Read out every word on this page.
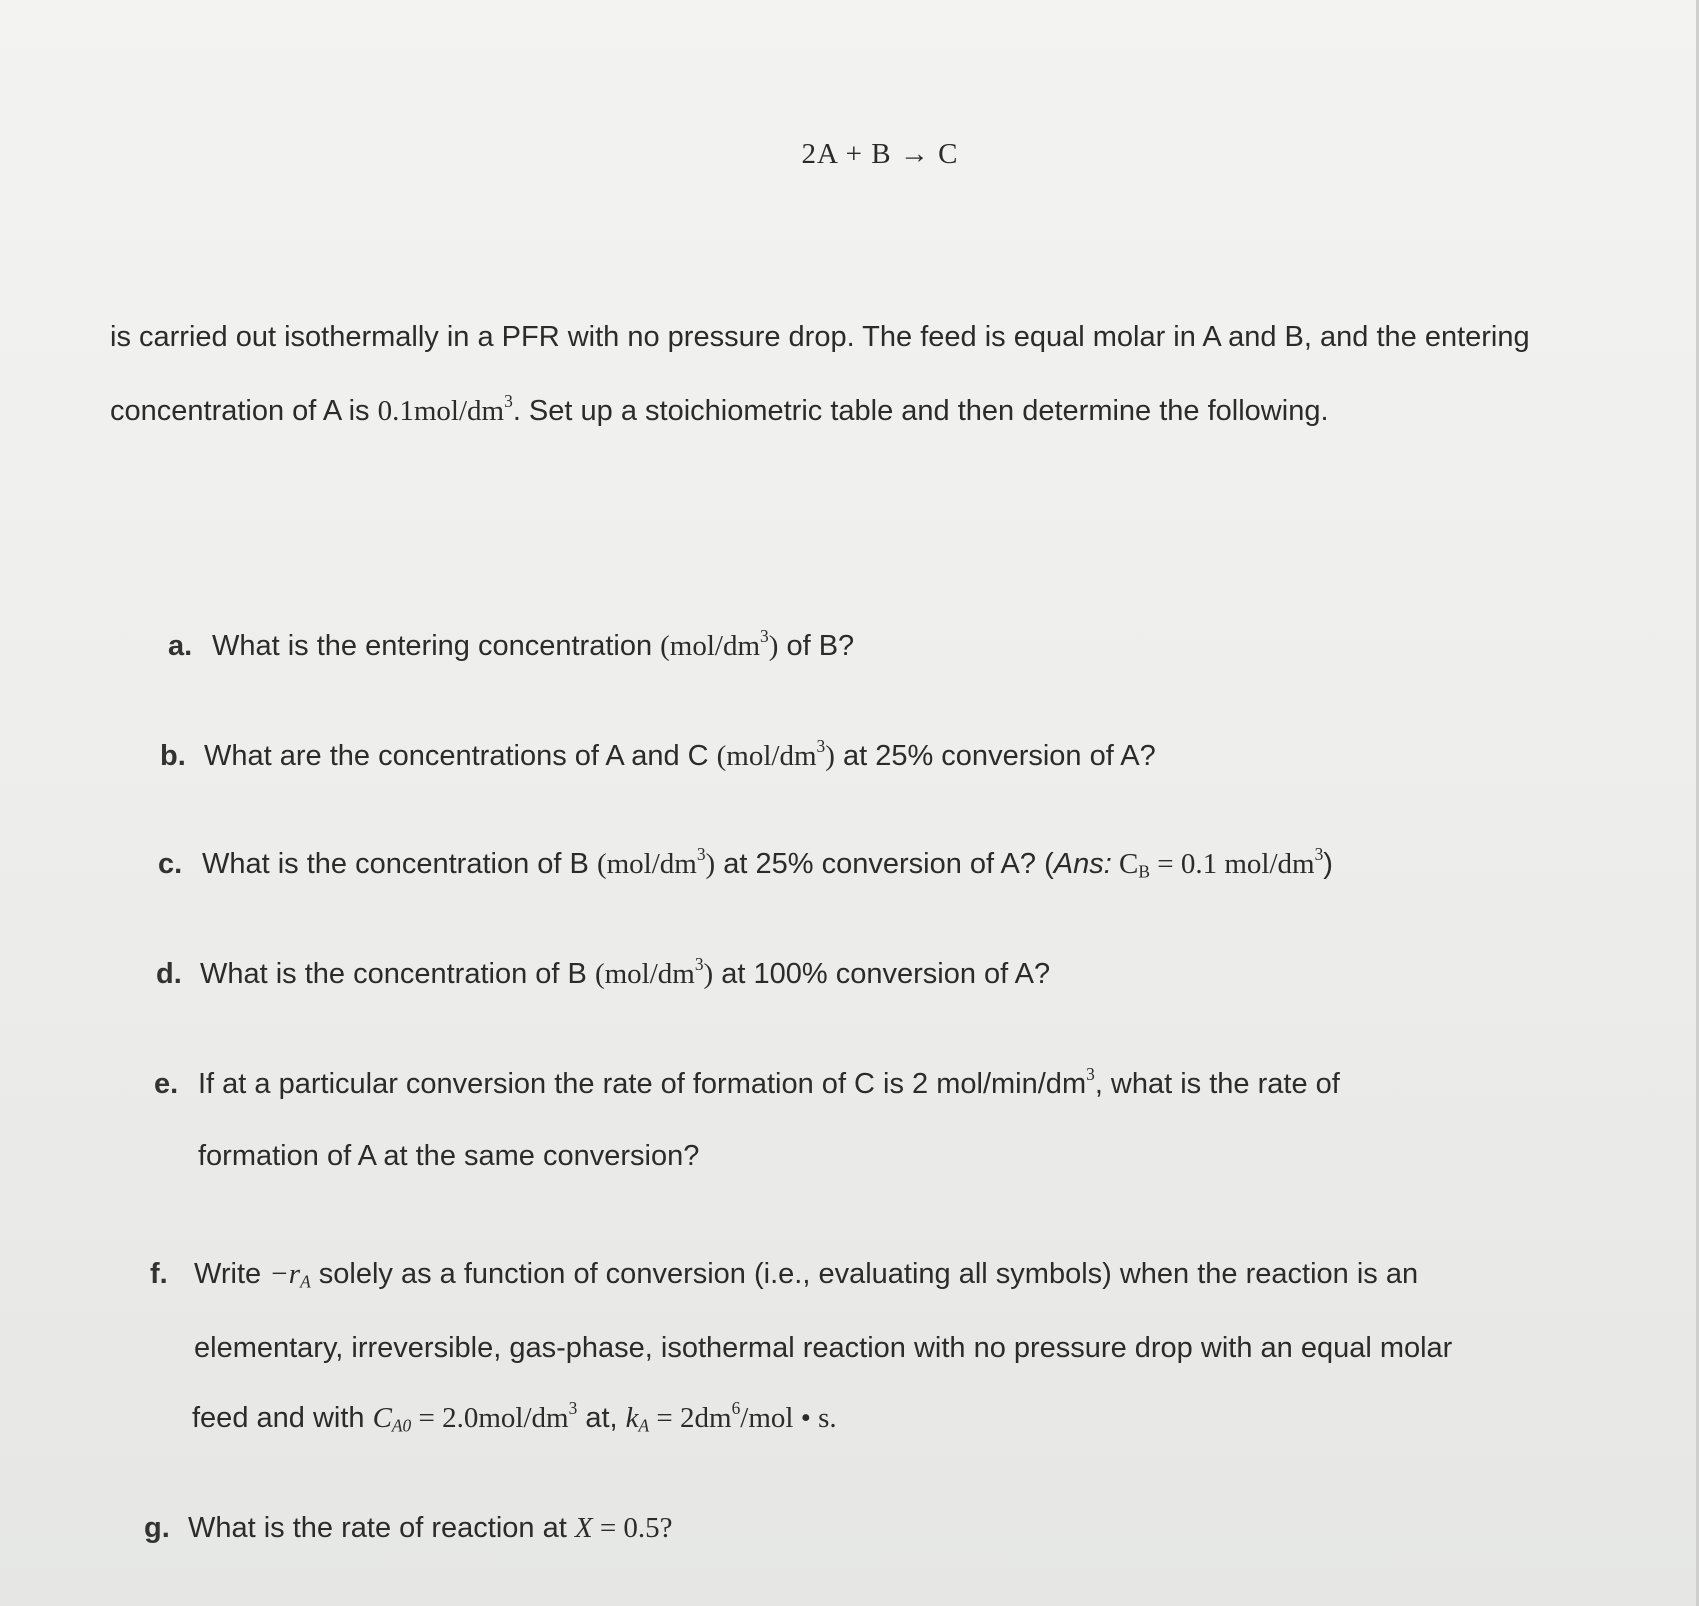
2A + B → C
is carried out isothermally in a PFR with no pressure drop. The feed is equal molar in A and B, and the entering concentration of A is $0.1mol/dm^3$. Set up a stoichiometric table and then determine the following.
a. What is the entering concentration $(mol/dm^3)$ of B?
b. What are the concentrations of A and C $(mol/dm^3)$ at 25% conversion of A?
c. What is the concentration of B $(mol/dm^3)$ at 25% conversion of A? (Ans: $C_B = 0.1$ mol/$dm^3$)
d. What is the concentration of B $(mol/dm^3)$ at 100% conversion of A?
e. If at a particular conversion the rate of formation of C is 2 mol/$\min/dm^3$, what is the rate of
formation of A at the same conversion?
f. Write $-r_A$ solely as a function of conversion (i.e., evaluating all symbols) when the reaction is an
elementary, irreversible, gas-phase, isothermal reaction with no pressure drop with an equal molar
feed and with $C_{A0} = 2.0mol/dm^3$ at, $k_A = 2dm^6/mol$ • s.
g. What is the rate of reaction at X = 0.5?
